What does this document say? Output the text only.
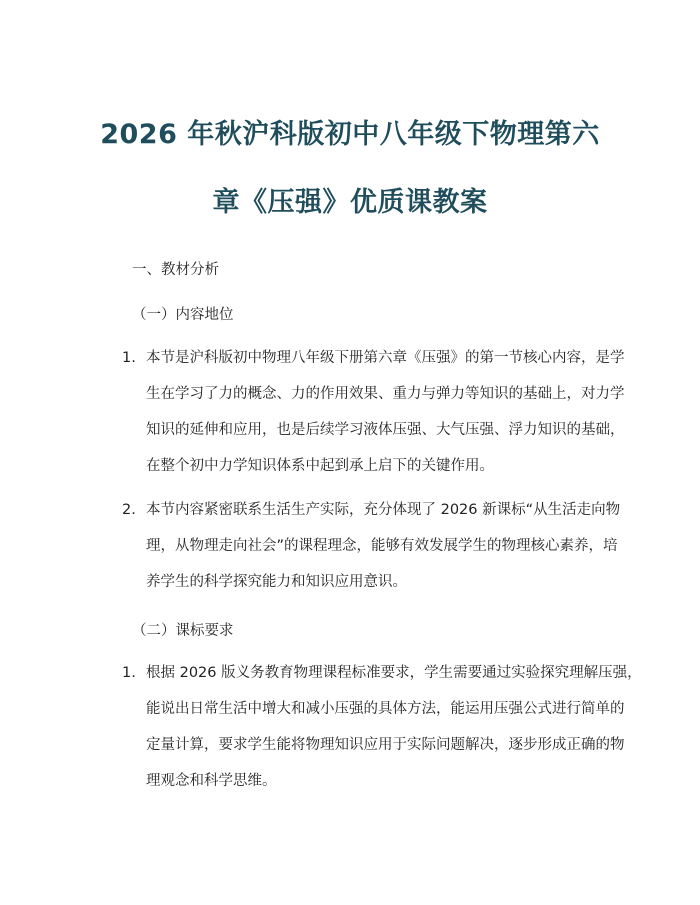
2026 年秋沪科版初中八年级下物理第六
章《压强》优质课教案
一、教材分析
（一）内容地位
1. 本节是沪科版初中物理八年级下册第六章《压强》的第一节核心内容，是学
生在学习了力的概念、力的作用效果、重力与弹力等知识的基础上，对力学
知识的延伸和应用，也是后续学习液体压强、大气压强、浮力知识的基础，
在整个初中力学知识体系中起到承上启下的关键作用。
2. 本节内容紧密联系生活生产实际，充分体现了 2026 新课标“从生活走向物
理，从物理走向社会”的课程理念，能够有效发展学生的物理核心素养，培
养学生的科学探究能力和知识应用意识。
（二）课标要求
1. 根据 2026 版义务教育物理课程标准要求，学生需要通过实验探究理解压强，
能说出日常生活中增大和减小压强的具体方法，能运用压强公式进行简单的
定量计算，要求学生能将物理知识应用于实际问题解决，逐步形成正确的物
理观念和科学思维。
